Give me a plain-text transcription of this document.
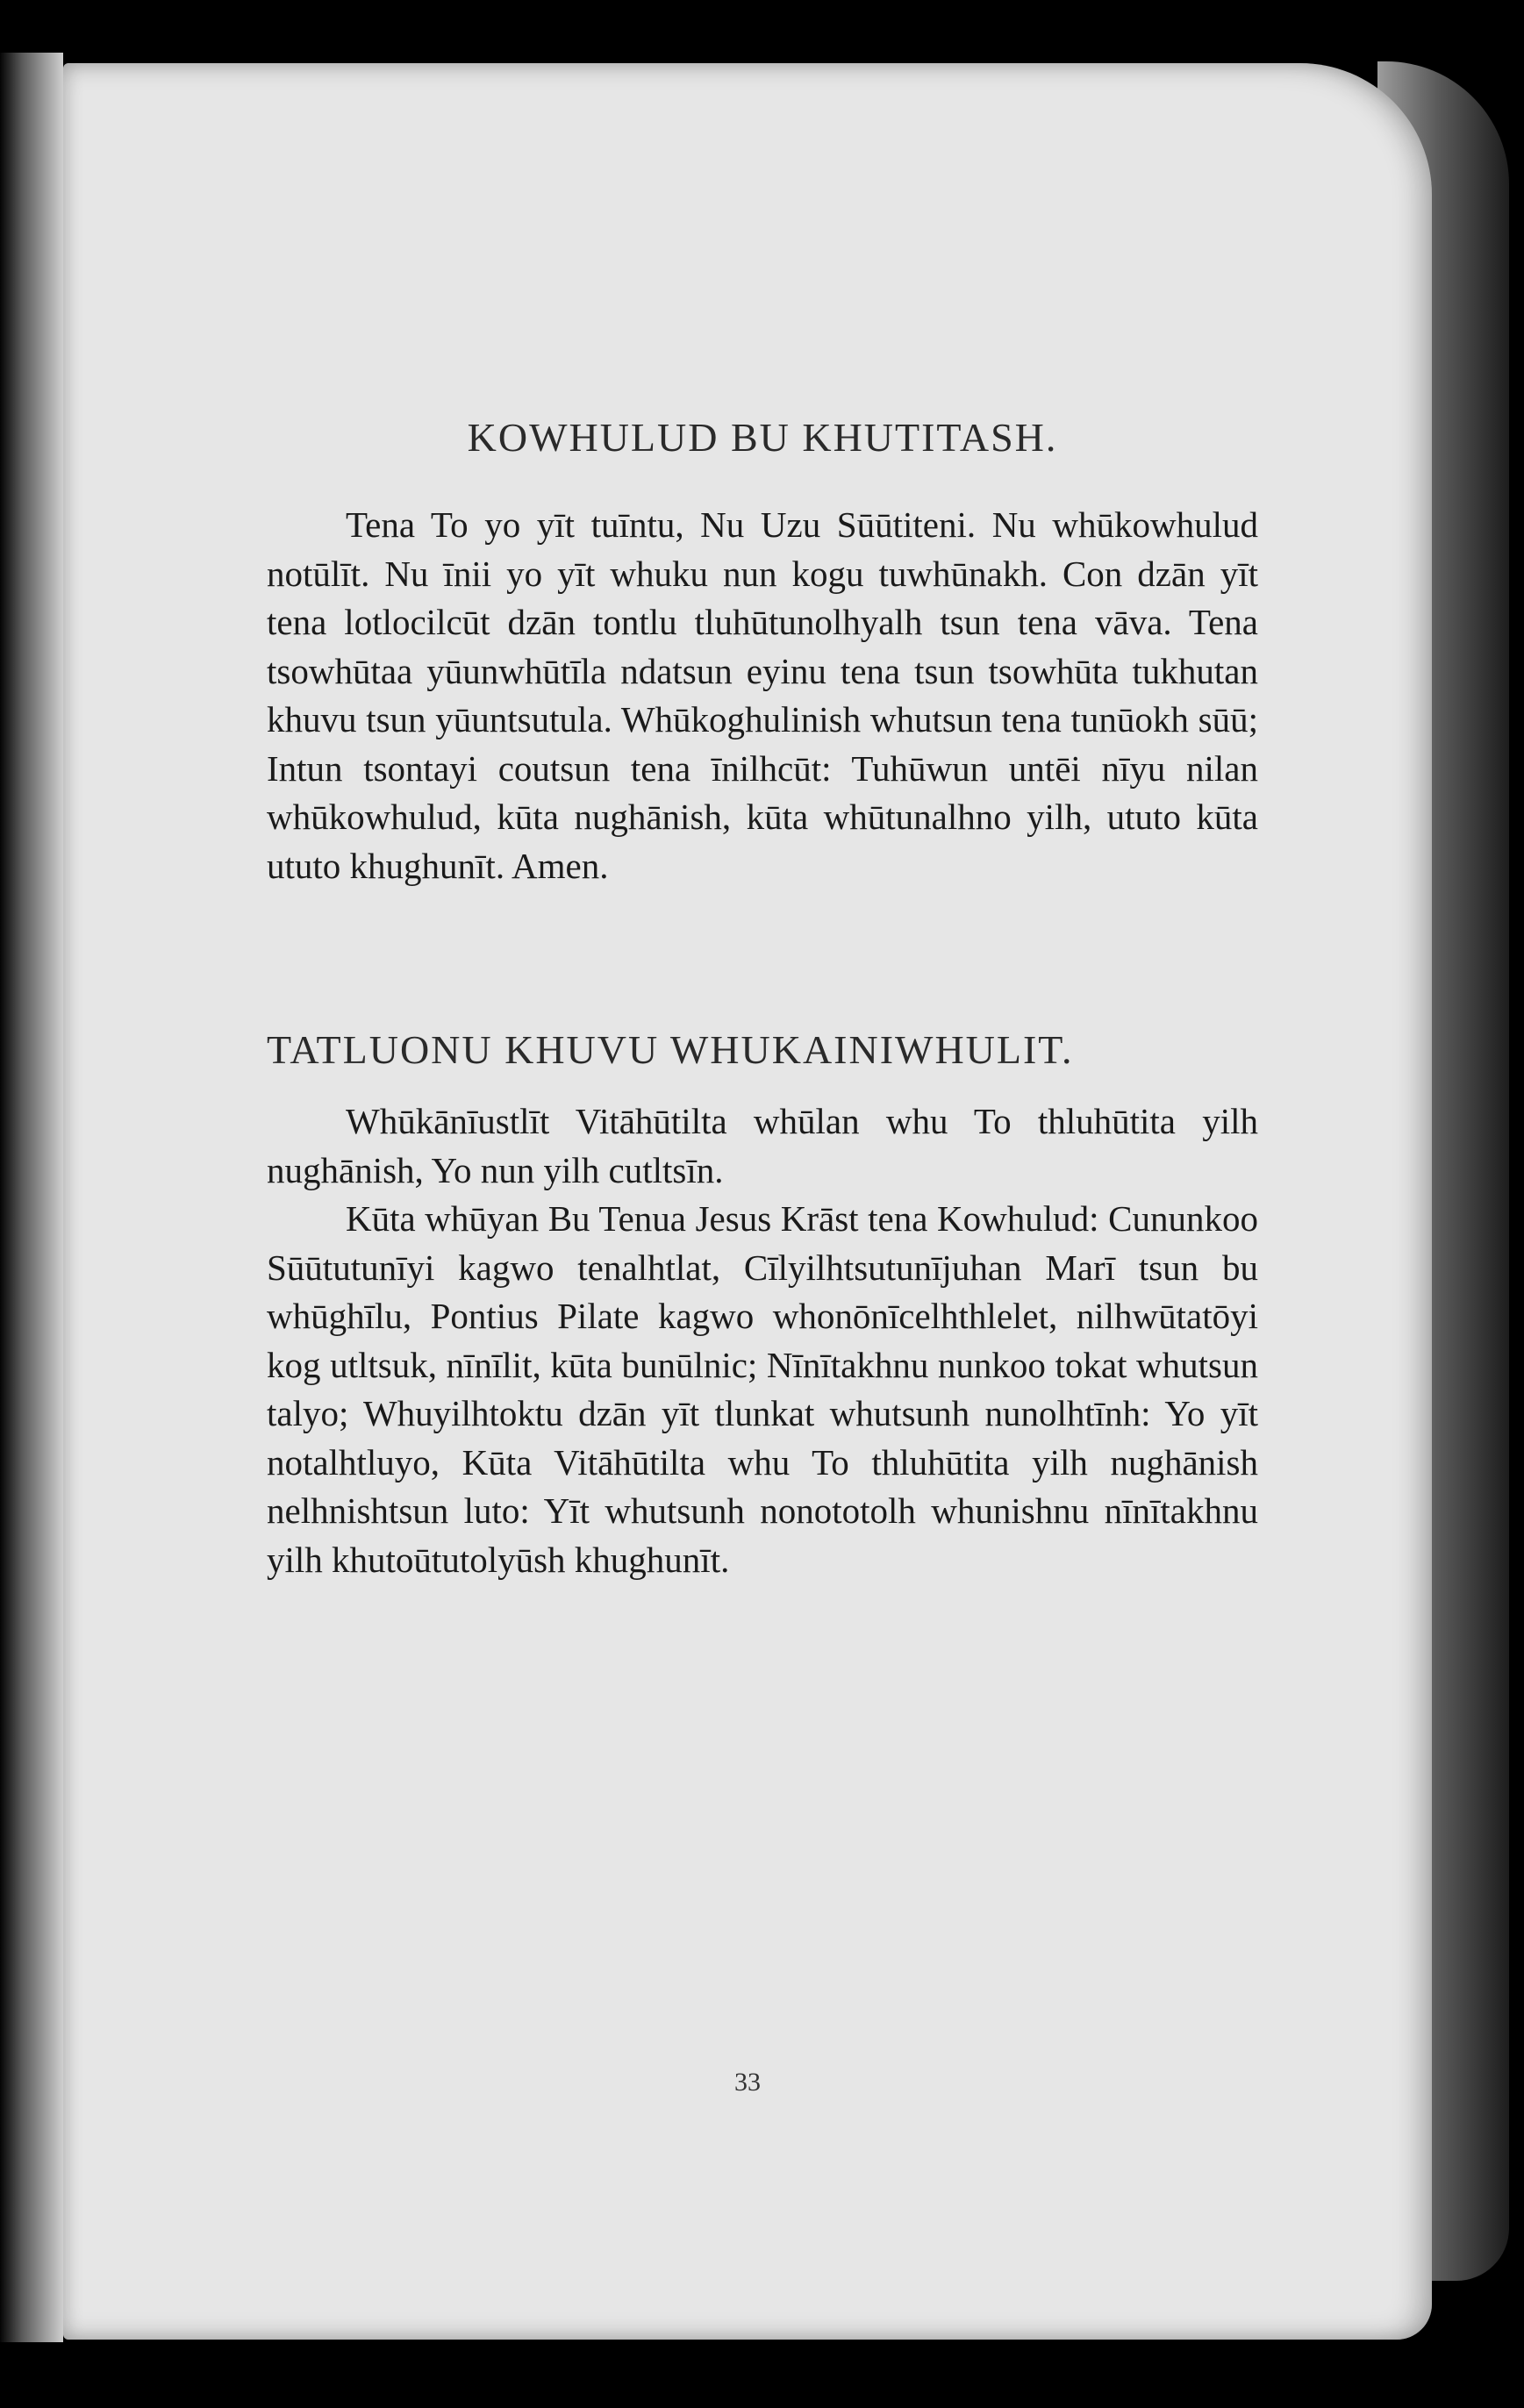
KOWHULUD BU KHUTITASH.

Tena To yo yīt tuīntu, Nu Uzu Sūūtiteni. Nu whūkowhulud notūlīt. Nu īnii yo yīt whuku nun kogu tuwhūnakh. Con dzān yīt tena lotlocilcūt dzān tontlu tluhūtunolhyalh tsun tena vāva. Tena tsowhūtaa yūunwhūtīla ndatsun eyinu tena tsun tsowhūta tukhutan khuvu tsun yūuntsutula. Whūkoghulinish whutsun tena tunūokh sūū; Intun tsontayi coutsun tena īnilhcūt: Tuhūwun untēi nīyu nilan whūkowhulud, kūta nughānish, kūta whūtunalhno yilh, ututo kūta ututo khughunīt. Amen.

TATLUONU KHUVU WHUKAINIWHULIT.

Whūkānīustlīt Vitāhūtilta whūlan whu To thluhūtita yilh nughānish, Yo nun yilh cutltsīn.

Kūta whūyan Bu Tenua Jesus Krāst tena Kowhulud: Cununkoo Sūūtutunīyi kagwo tenalhtlat, Cīlyilhtsutunījuhan Marī tsun bu whūghīlu, Pontius Pilate kagwo whonōnīcelhthlelet, nilhwūtatōyi kog utltsuk, nīnīlit, kūta bunūlnic; Nīnītakhnu nunkoo tokat whutsun talyo; Whuyilhtoktu dzān yīt tlunkat whutsunh nunolhtīnh: Yo yīt notalhtluyo, Kūta Vitāhūtilta whu To thluhūtita yilh nughānish nelhnishtsun luto: Yīt whutsunh nonototolh whunishnu nīnītakhnu yilh khutoūtutolyūsh khughunīt.

33
